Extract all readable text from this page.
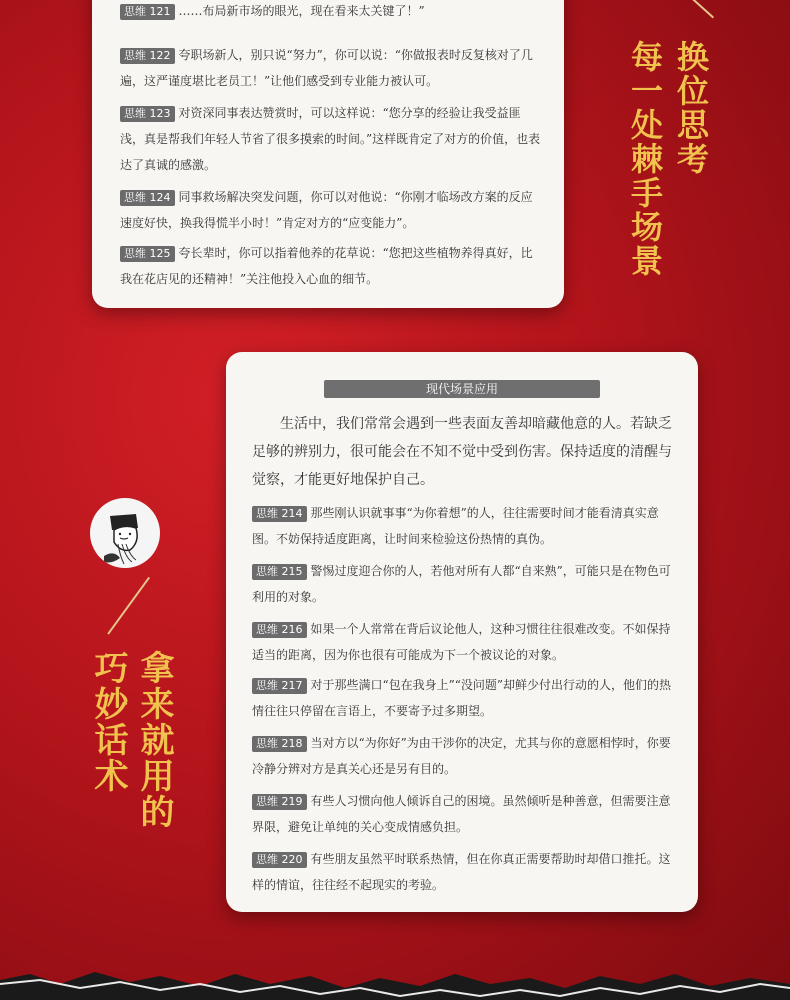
思维 121 ……布局新市场的眼光，现在看来太关键了！”
思维 122 夸职场新人，别只说“努力”，你可以说：“你做报表时反复核对了几遍，这严谨度堪比老员工！”让他们感受到专业能力被认可。
思维 123 对资深同事表达赞赏时，可以这样说：“您分享的经验让我受益匪浅，真是帮我们年轻人节省了很多摸索的时间。”这样既肯定了对方的价值，也表达了真诚的感激。
思维 124 同事救场解决突发问题，你可以对他说：“你刚才临场改方案的反应速度好快，换我得慌半小时！”肯定对方的“应变能力”。
思维 125 夸长辈时，你可以指着他养的花草说：“您把这些植物养得真好，比我在花店见的还精神！”关注他投入心血的细节。
换位思考
每一处棘手场景
现代场景应用
生活中，我们常常会遇到一些表面友善却暗藏他意的人。若缺乏足够的辨别力，很可能会在不知不觉中受到伤害。保持适度的清醒与觉察，才能更好地保护自己。
思维 214 那些刚认识就事事“为你着想”的人，往往需要时间才能看清真实意图。不妨保持适度距离，让时间来检验这份热情的真伪。
思维 215 警惕过度迎合你的人，若他对所有人都“自来熟”，可能只是在物色可利用的对象。
思维 216 如果一个人常常在背后议论他人，这种习惯往往很难改变。不如保持适当的距离，因为你也很有可能成为下一个被议论的对象。
思维 217 对于那些满口“包在我身上”“没问题”却鲜少付出行动的人，他们的热情往往只停留在言语上，不要寄予过多期望。
思维 218 当对方以“为你好”为由干涉你的决定，尤其与你的意愿相悖时，你要冷静分辨对方是真关心还是另有目的。
思维 219 有些人习惯向他人倾诉自己的困境。虽然倾听是种善意，但需要注意界限，避免让单纯的关心变成情感负担。
思维 220 有些朋友虽然平时联系热情，但在你真正需要帮助时却借口推托。这样的情谊，往往经不起现实的考验。
拿来就用的
巧妙话术
